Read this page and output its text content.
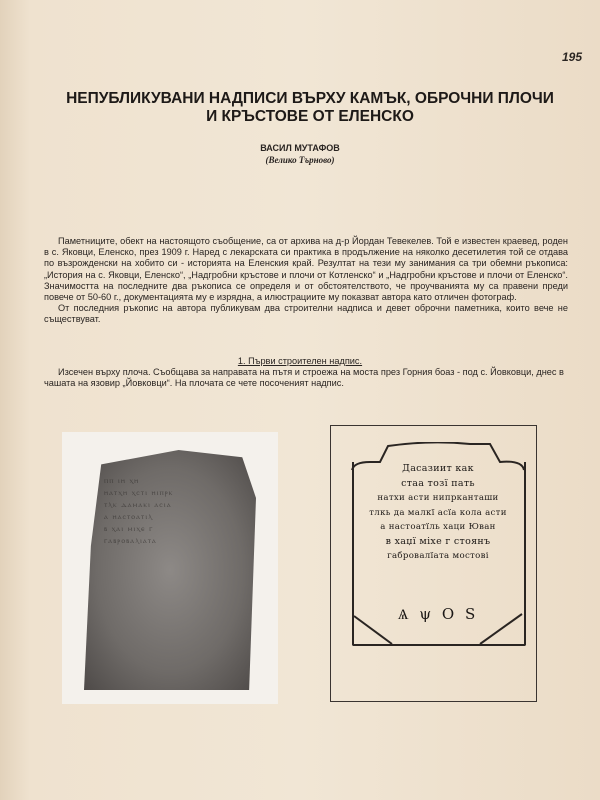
195
НЕПУБЛИКУВАНИ НАДПИСИ ВЪРХУ КАМЪК, ОБРОЧНИ ПЛОЧИ
И КРЪСТОВЕ ОТ ЕЛЕНСКО
ВАСИЛ МУТАФОВ
(Велико Търново)

Паметниците, обект на настоящото съобщение, са от архива на д-р Йордан Тевекелев. Той е известен краевед, роден в с. Яковци, Еленско, през 1909 г. Наред с лекарската си практика в продължение на няколко десетилетия той се отдава по възрожденски на хобито си - историята на Еленския край. Резултат на тези му занимания са три обемни ръкописа: „История на с. Яковци, Еленско“, „Надгробни кръстове и плочи от Котленско“ и „Надгробни кръстове и плочи от Еленско“. Значимостта на последните два ръкописа се определя и от обстоятелството, че проучванията му са правени преди повече от 50-60 г., документацията му е изрядна, а илюстрациите му показват автора като отличен фотограф.

От последния ръкопис на автора публикувам два строителни надписа и девет оброчни паметника, които вече не съществуват.

1. Първи строителен надпис.

Изсечен върху плоча. Съобщава за направата на пътя и строежа на моста през Горния боаз - под с. Йовковци, днес в чашата на язовир „Йовковци“. На плочата се чете посоченият надпис.

ⲡⲡ ⲓⲏ ⲭⲏ
ⲏⲁⲧⲭⲏ ⲭⲥⲧⲓ ⲏⲓⲡⲣⲕ
ⲧⲗⲕ ⲇⲁⲙⲁⲕⲓ ⲁⲥⲓⲁ
ⲁ ⲏⲁⲥⲧⲟⲁⲧⲓⲗ
ⲃ ⲭⲁⲓ ⲙⲓⲭⲉ ⲅ
ⲅⲁⲃⲣⲟⲃⲁⲗⲓⲁⲧⲁ
Дасазиит как
стаа тозї пать
натхи асти нипрканташи
тлкь да малкї асїа кола асти
а настоатїль хаци Юван
в хаџї міхе г стоянъ
габровалїата мостові
Ѧ ψ О Ѕ
